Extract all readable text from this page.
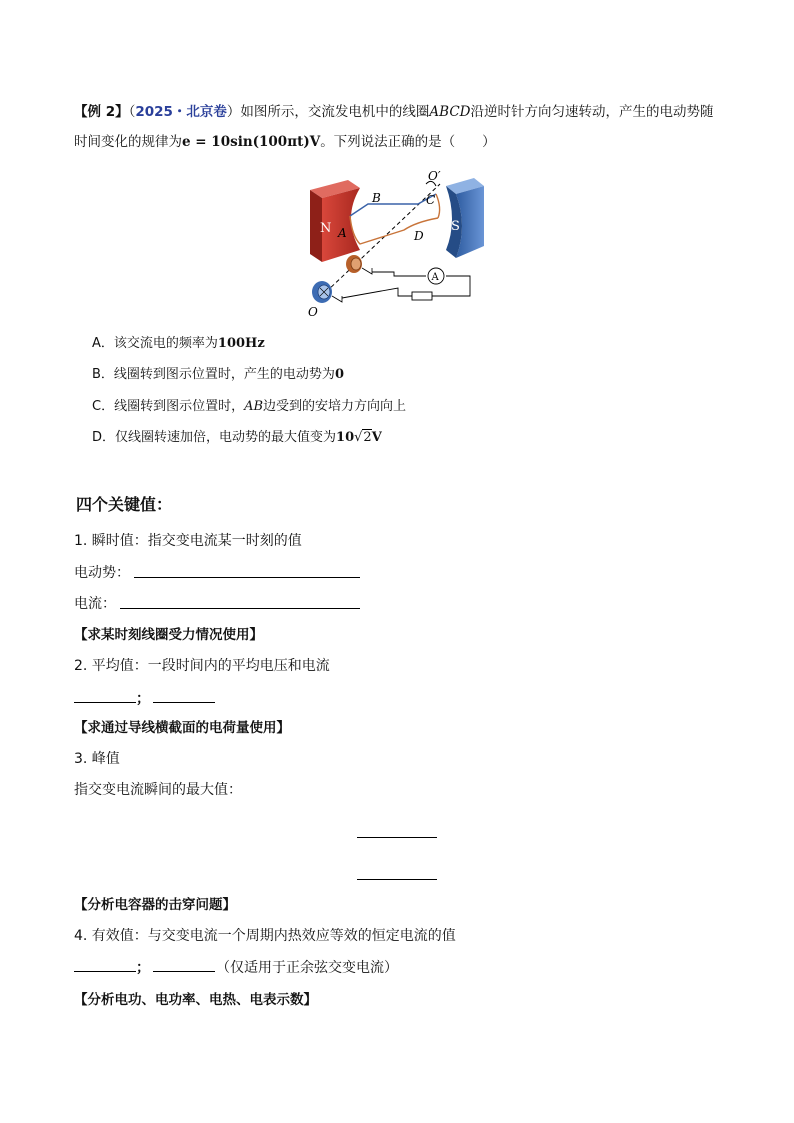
【例 2】（2025・北京卷）如图所示，交流发电机中的线圈ABCD沿逆时针方向匀速转动，产生的电动势随
时间变化的规律为e = 10sin(100πt)V。下列说法正确的是（　　）
N	S
A
B	C
D
O′
O
A
A．该交流电的频率为100Hz
B．线圈转到图示位置时，产生的电动势为0
C．线圈转到图示位置时，AB边受到的安培力方向向上
D．仅线圈转速加倍，电动势的最大值变为10√2V
四个关键值：
1. 瞬时值：指交变电流某一时刻的值
电动势：
电流：
【求某时刻线圈受力情况使用】
2. 平均值：一段时间内的平均电压和电流
；
【求通过导线横截面的电荷量使用】
3. 峰值
指交变电流瞬间的最大值：
【分析电容器的击穿问题】
4. 有效值：与交变电流一个周期内热效应等效的恒定电流的值
；	（仅适用于正余弦交变电流）
【分析电功、电功率、电热、电表示数】
